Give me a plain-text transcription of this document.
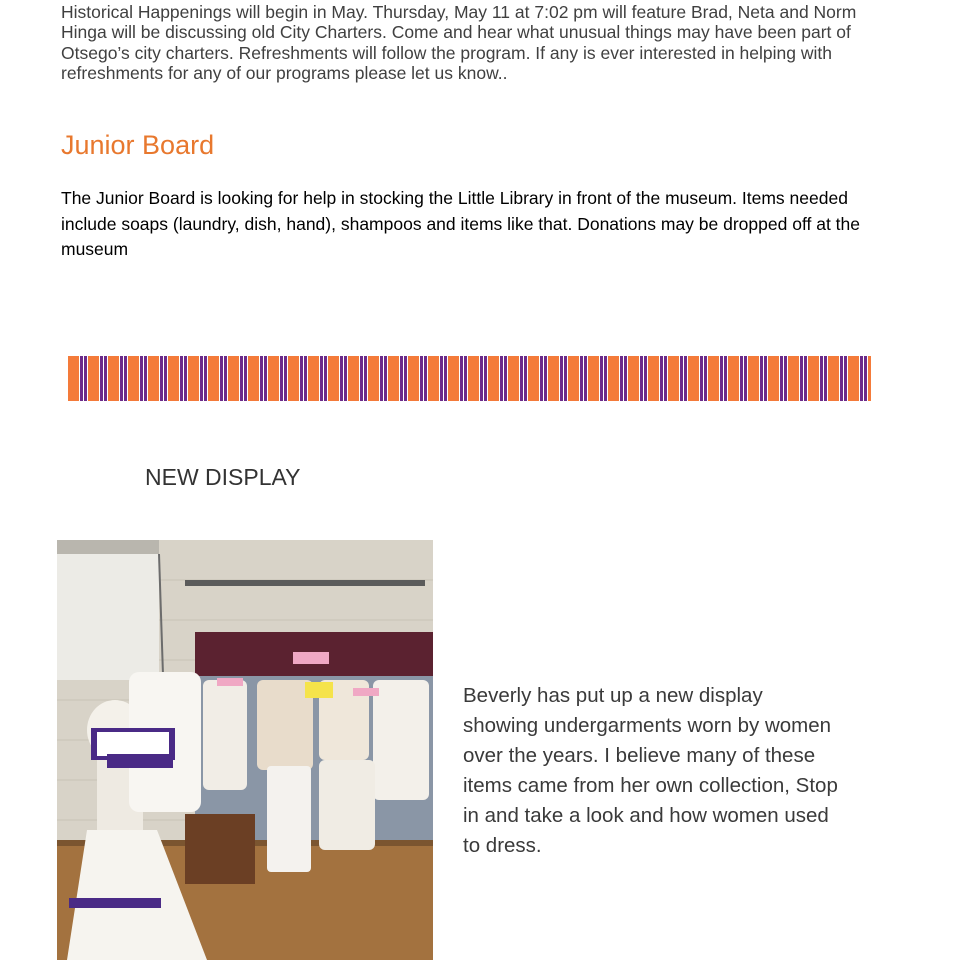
Historical Happenings will begin in May. Thursday, May 11 at 7:02 pm will feature Brad, Neta and Norm Hinga will be discussing old City Charters. Come and hear what unusual things may have been part of Otsego’s city charters. Refreshments will follow the program. If any is ever interested in helping with refreshments for any of our programs please let us know..

Junior Board

The Junior Board is looking for help in stocking the Little Library in front of the museum. Items needed include soaps (laundry, dish, hand), shampoos and items like that. Donations may be dropped off at the museum

NEW DISPLAY

Beverly has put up a new display showing undergarments worn by women over the years. I believe many of these items came from her own collection, Stop in and take a look and how women used to dress.
